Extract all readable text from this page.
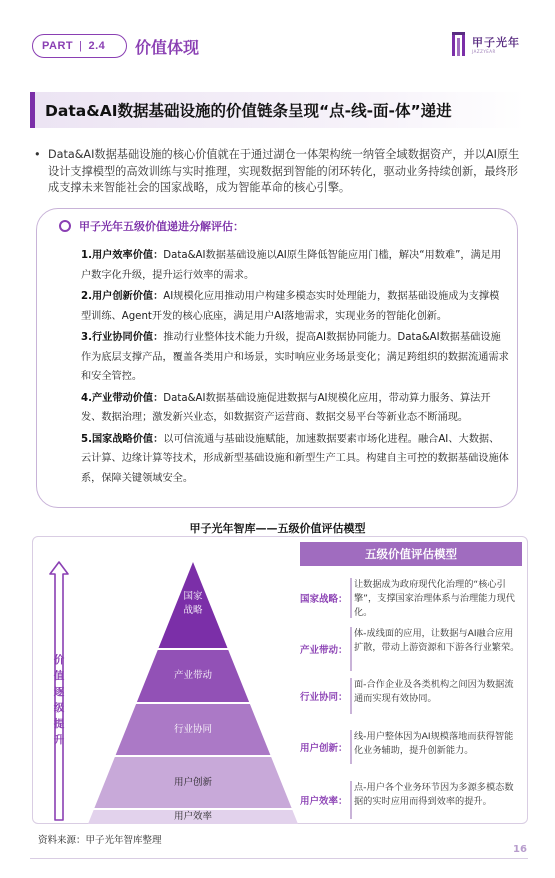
PART | 2.4 价值体现	甲子光年
JAZZYEAR
Data&AI数据基础设施的价值链条呈现“点-线-面-体”递进
• Data&AI数据基础设施的核心价值就在于通过湖仓一体架构统一纳管全域数据资产，并以AI原生设计支撑模型的高效训练与实时推理，实现数据到智能的闭环转化，驱动业务持续创新，最终形成支撑未来智能社会的国家战略，成为智能革命的核心引擎。
甲子光年五级价值递进分解评估：

1.用户效率价值：Data&AI数据基础设施以AI原生降低智能应用门槛，解决“用数难”，满足用户数字化升级，提升运行效率的需求。

2.用户创新价值：AI规模化应用推动用户构建多模态实时处理能力，数据基础设施成为支撑模型训练、Agent开发的核心底座，满足用户AI落地需求，实现业务的智能化创新。

3.行业协同价值：推动行业整体技术能力升级，提高AI数据协同能力。Data&AI数据基础设施作为底层支撑产品，覆盖各类用户和场景，实时响应业务场景变化；满足跨组织的数据流通需求和安全管控。

4.产业带动价值：Data&AI数据基础设施促进数据与AI规模化应用，带动算力服务、算法开发、数据治理；激发新兴业态，如数据资产运营商、数据交易平台等新业态不断涌现。

5.国家战略价值：以可信流通与基础设施赋能，加速数据要素市场化进程。融合AI、大数据、云计算、边缘计算等技术，形成新型基础设施和新型生产工具。构建自主可控的数据基础设施体系，保障关键领域安全。

甲子光年智库——五级价值评估模型
价
值
逐
级
提
升
国家
战略
产业带动
行业协同
用户创新
用户效率
五级价值评估模型
国家战略：
让数据成为政府现代化治理的“核心引擎”，支撑国家治理体系与治理能力现代化。
产业带动：
体-成线面的应用，让数据与AI融合应用扩散，带动上游资源和下游各行业繁荣。
行业协同：
面-合作企业及各类机构之间因为数据流通而实现有效协同。
用户创新：
线-用户整体因为AI规模落地而获得智能化业务辅助，提升创新能力。
用户效率：
点-用户各个业务环节因为多源多模态数据的实时应用而得到效率的提升。
资料来源：甲子光年智库整理
16
